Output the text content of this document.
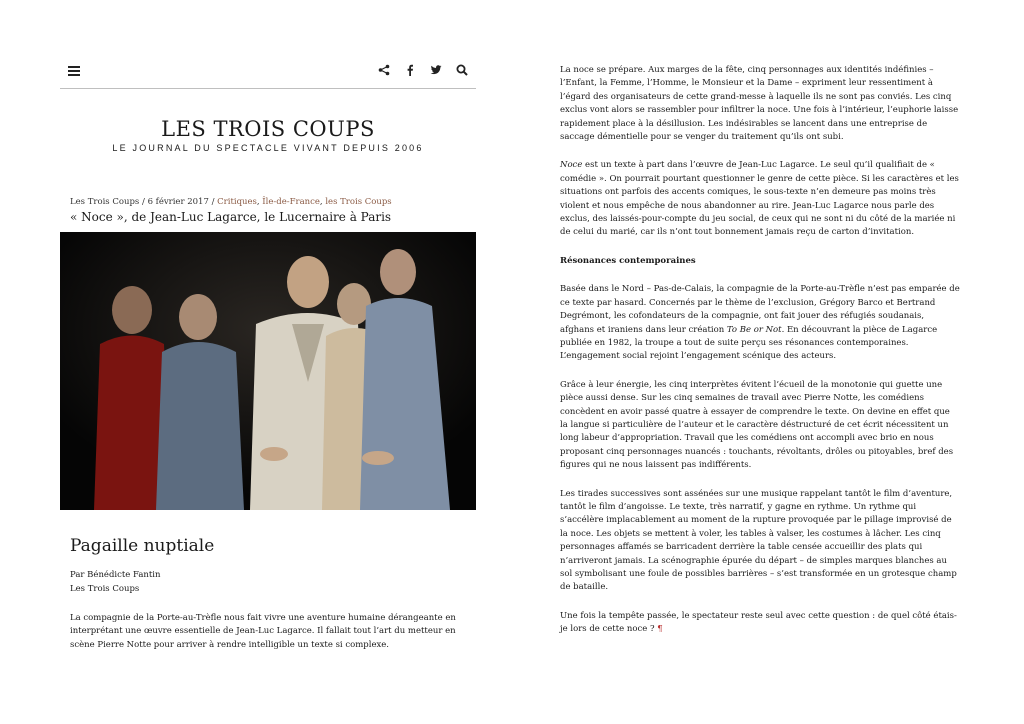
LES TROIS COUPS
LE JOURNAL DU SPECTACLE VIVANT DEPUIS 2006
Les Trois Coups / 6 février 2017 / Critiques, Île-de-France, les Trois Coups
« Noce », de Jean-Luc Lagarce, le Lucernaire à Paris
Pagaille nuptiale
Par Bénédicte Fantin
Les Trois Coups
La compagnie de la Porte-au-Trèfle nous fait vivre une aventure humaine dérangeante en interprétant une œuvre essentielle de Jean-Luc Lagarce. Il fallait tout l’art du metteur en scène Pierre Notte pour arriver à rendre intelligible un texte si complexe.

La noce se prépare. Aux marges de la fête, cinq personnages aux identités indéfinies – l’Enfant, la Femme, l’Homme, le Monsieur et la Dame – expriment leur ressentiment à l’égard des organisateurs de cette grand-messe à laquelle ils ne sont pas conviés. Les cinq exclus vont alors se rassembler pour infiltrer la noce. Une fois à l’intérieur, l’euphorie laisse rapidement place à la désillusion. Les indésirables se lancent dans une entreprise de saccage démentielle pour se venger du traitement qu’ils ont subi.

Noce est un texte à part dans l’œuvre de Jean-Luc Lagarce. Le seul qu’il qualifiait de « comédie ». On pourrait pourtant questionner le genre de cette pièce. Si les caractères et les situations ont parfois des accents comiques, le sous-texte n’en demeure pas moins très violent et nous empêche de nous abandonner au rire. Jean-Luc Lagarce nous parle des exclus, des laissés-pour-compte du jeu social, de ceux qui ne sont ni du côté de la mariée ni de celui du marié, car ils n’ont tout bonnement jamais reçu de carton d’invitation.

Résonances contemporaines

Basée dans le Nord – Pas-de-Calais, la compagnie de la Porte-au-Trèfle n’est pas emparée de ce texte par hasard. Concernés par le thème de l’exclusion, Grégory Barco et Bertrand Degrémont, les cofondateurs de la compagnie, ont fait jouer des réfugiés soudanais, afghans et iraniens dans leur création To Be or Not. En découvrant la pièce de Lagarce publiée en 1982, la troupe a tout de suite perçu ses résonances contemporaines. L’engagement social rejoint l’engagement scénique des acteurs.

Grâce à leur énergie, les cinq interprètes évitent l’écueil de la monotonie qui guette une pièce aussi dense. Sur les cinq semaines de travail avec Pierre Notte, les comédiens concèdent en avoir passé quatre à essayer de comprendre le texte. On devine en effet que la langue si particulière de l’auteur et le caractère déstructuré de cet écrit nécessitent un long labeur d’appropriation. Travail que les comédiens ont accompli avec brio en nous proposant cinq personnages nuancés : touchants, révoltants, drôles ou pitoyables, bref des figures qui ne nous laissent pas indifférents.

Les tirades successives sont assénées sur une musique rappelant tantôt le film d’aventure, tantôt le film d’angoisse. Le texte, très narratif, y gagne en rythme. Un rythme qui s’accélère implacablement au moment de la rupture provoquée par le pillage improvisé de la noce. Les objets se mettent à voler, les tables à valser, les costumes à lâcher. Les cinq personnages affamés se barricadent derrière la table censée accueillir des plats qui n’arriveront jamais. La scénographie épurée du départ – de simples marques blanches au sol symbolisant une foule de possibles barrières – s’est transformée en un grotesque champ de bataille.

Une fois la tempête passée, le spectateur reste seul avec cette question : de quel côté étais-je lors de cette noce ? ¶
